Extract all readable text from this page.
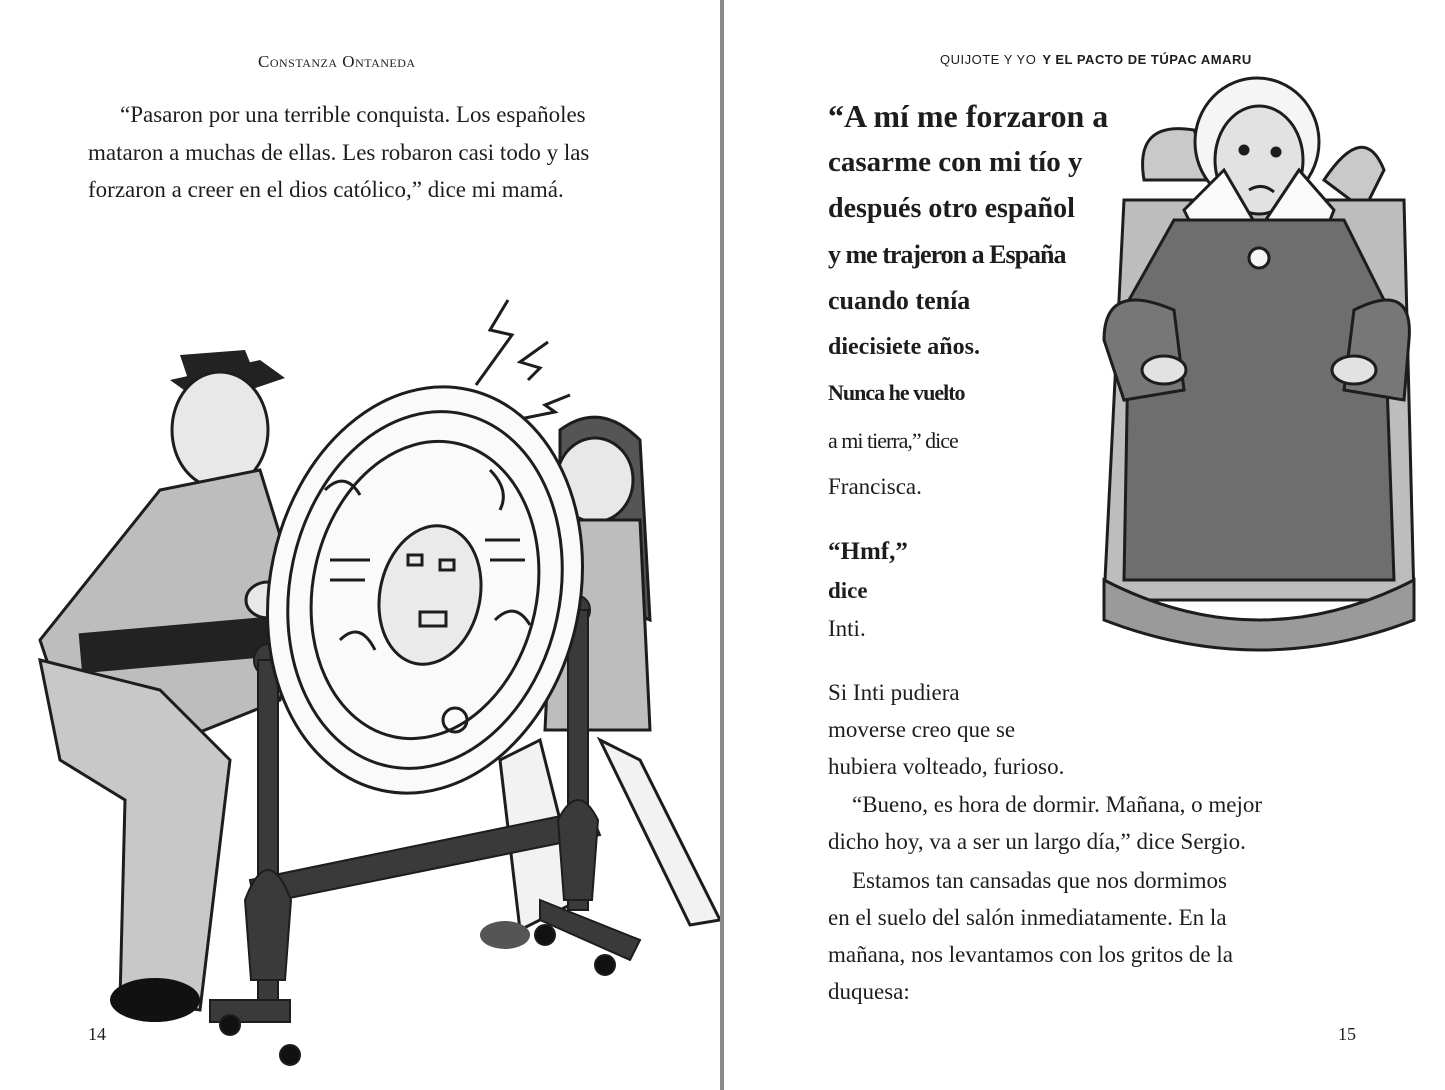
Constanza Ontaneda
“Pasaron por una terrible conquista. Los españoles mataron a muchas de ellas. Les robaron casi todo y las forzaron a creer en el dios católico,” dice mi mamá.
14
QUIJOTE Y YO Y EL PACTO DE TÚPAC AMARU
“A mí me forzaron a
casarme con mi tío y
después otro español
y me trajeron a España
cuando tenía
diecisiete años.
Nunca he vuelto
a mi tierra,” dice
Francisca.
“Hmf,”
dice
Inti.
Si Inti pudiera
moverse creo que se
hubiera volteado, furioso.
“Bueno, es hora de dormir. Mañana, o mejor
dicho hoy, va a ser un largo día,” dice Sergio.
Estamos tan cansadas que nos dormimos
en el suelo del salón inmediatamente. En la
mañana, nos levantamos con los gritos de la
duquesa:
15
